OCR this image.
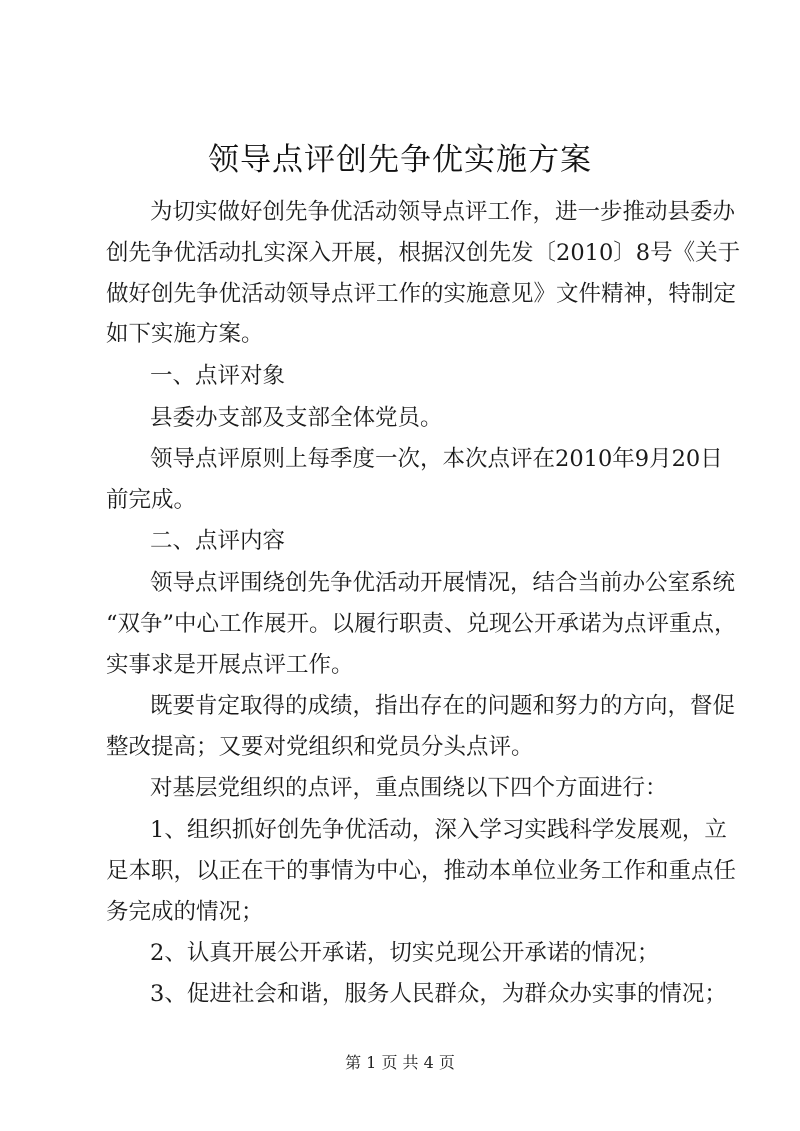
领导点评创先争优实施方案
为切实做好创先争优活动领导点评工作，进一步推动县委办
创先争优活动扎实深入开展，根据汉创先发〔2010〕8号《关于
做好创先争优活动领导点评工作的实施意见》文件精神，特制定
如下实施方案。
一、点评对象
县委办支部及支部全体党员。
领导点评原则上每季度一次，本次点评在2010年9月20日
前完成。
二、点评内容
领导点评围绕创先争优活动开展情况，结合当前办公室系统
“双争”中心工作展开。以履行职责、兑现公开承诺为点评重点，
实事求是开展点评工作。
既要肯定取得的成绩，指出存在的问题和努力的方向，督促
整改提高；又要对党组织和党员分头点评。
对基层党组织的点评，重点围绕以下四个方面进行：
1、组织抓好创先争优活动，深入学习实践科学发展观，立
足本职，以正在干的事情为中心，推动本单位业务工作和重点任
务完成的情况；
2、认真开展公开承诺，切实兑现公开承诺的情况；
第 1 页 共 4 页
3、促进社会和谐，服务人民群众，为群众办实事的情况；
